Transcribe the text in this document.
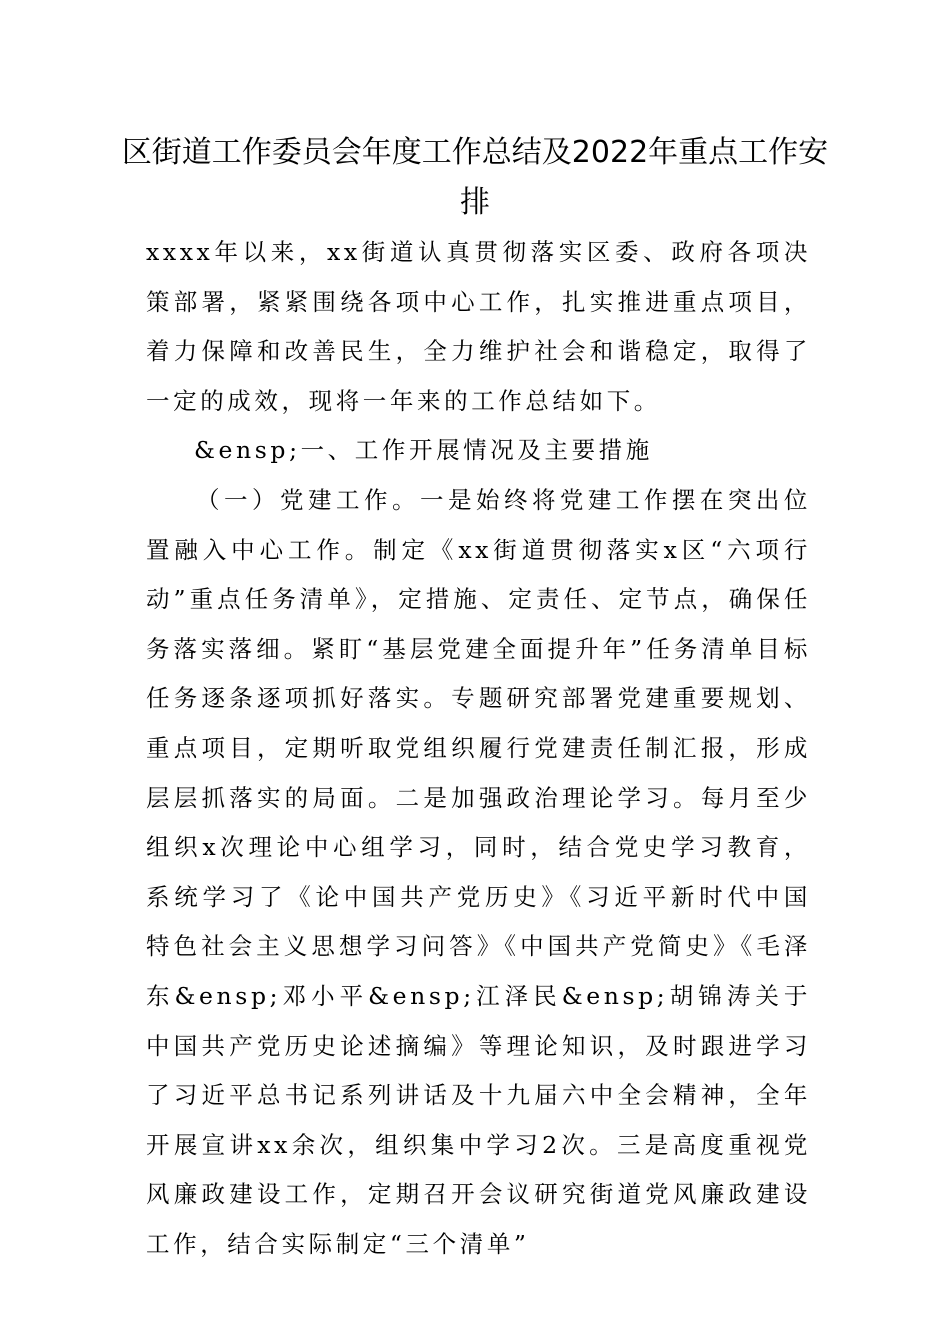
区街道工作委员会年度工作总结及2022年重点工作安排

xxxx年以来，xx街道认真贯彻落实区委、政府各项决策部署，紧紧围绕各项中心工作，扎实推进重点项目，着力保障和改善民生，全力维护社会和谐稳定，取得了一定的成效，现将一年来的工作总结如下。

&ensp;一、工作开展情况及主要措施

（一）党建工作。一是始终将党建工作摆在突出位置融入中心工作。制定《xx街道贯彻落实x区“六项行动”重点任务清单》，定措施、定责任、定节点，确保任务落实落细。紧盯“基层党建全面提升年”任务清单目标任务逐条逐项抓好落实。专题研究部署党建重要规划、重点项目，定期听取党组织履行党建责任制汇报，形成层层抓落实的局面。二是加强政治理论学习。每月至少组织x次理论中心组学习，同时，结合党史学习教育，系统学习了《论中国共产党历史》《习近平新时代中国特色社会主义思想学习问答》《中国共产党简史》《毛泽东&ensp;邓小平&ensp;江泽民&ensp;胡锦涛关于中国共产党历史论述摘编》等理论知识，及时跟进学习了习近平总书记系列讲话及十九届六中全会精神，全年开展宣讲xx余次，组织集中学习2次。三是高度重视党风廉政建设工作，定期召开会议研究街道党风廉政建设工作，结合实际制定“三个清单”
